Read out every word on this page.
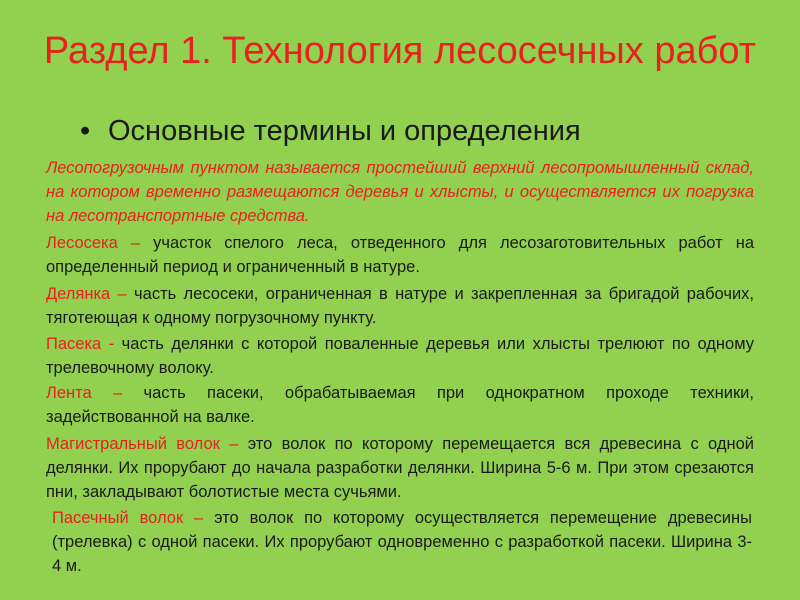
Раздел 1. Технология лесосечных работ
• Основные термины и определения
Лесопогрузочным пунктом называется простейший верхний лесопромышленный склад, на котором временно размещаются деревья и хлысты, и осуществляется их погрузка на лесотранспортные средства.
Лесосека – участок спелого леса, отведенного для лесозаготовительных работ на определенный период и ограниченный в натуре.
Делянка – часть лесосеки, ограниченная в натуре и закрепленная за бригадой рабочих, тяготеющая к одному погрузочному пункту.
Пасека - часть делянки с которой поваленные деревья или хлысты трелюют по одному трелевочному волоку.
Лента – часть пасеки, обрабатываемая при однократном проходе техники, задействованной на валке.
Магистральный волок – это волок по которому перемещается вся древесина с одной делянки. Их прорубают до начала разработки делянки. Ширина 5-6 м. При этом срезаются пни, закладывают болотистые места сучьями.
Пасечный волок – это волок по которому осуществляется перемещение древесины (трелевка) с одной пасеки. Их прорубают одновременно с разработкой пасеки. Ширина 3-4 м.
